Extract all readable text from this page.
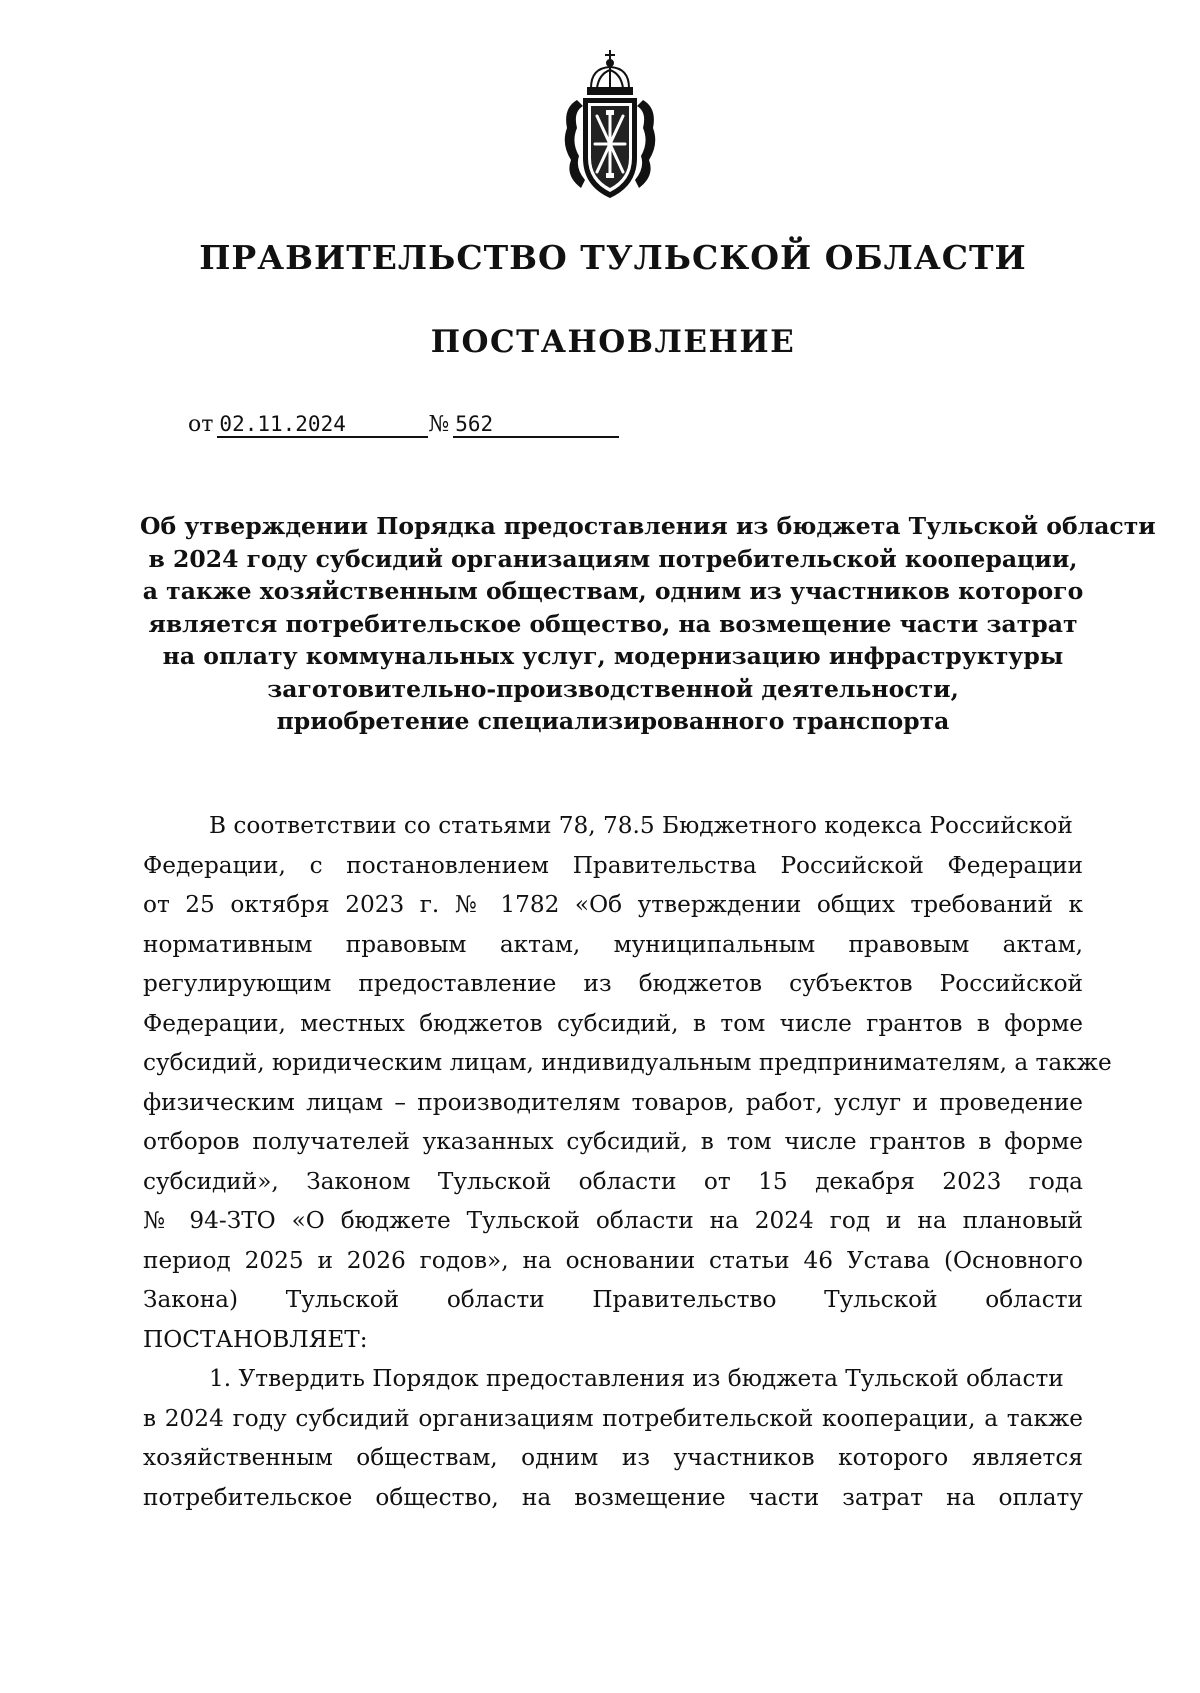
ПРАВИТЕЛЬСТВО ТУЛЬСКОЙ ОБЛАСТИ
ПОСТАНОВЛЕНИЕ
от 02.11.2024	№ 562
Об утверждении Порядка предоставления из бюджета Тульской области
в 2024 году субсидий организациям потребительской кооперации,
а также хозяйственным обществам, одним из участников которого
является потребительское общество, на возмещение части затрат
на оплату коммунальных услуг, модернизацию инфраструктуры
заготовительно-производственной деятельности,
приобретение специализированного транспорта
В соответствии со статьями 78, 78.5 Бюджетного кодекса Российской
Федерации, с постановлением Правительства Российской Федерации
от 25 октября 2023 г. № 1782 «Об утверждении общих требований к
нормативным правовым актам, муниципальным правовым актам,
регулирующим предоставление из бюджетов субъектов Российской
Федерации, местных бюджетов субсидий, в том числе грантов в форме
субсидий, юридическим лицам, индивидуальным предпринимателям, а также
физическим лицам – производителям товаров, работ, услуг и проведение
отборов получателей указанных субсидий, в том числе грантов в форме
субсидий», Законом Тульской области от 15 декабря 2023 года
№ 94-ЗТО «О бюджете Тульской области на 2024 год и на плановый
период 2025 и 2026 годов», на основании статьи 46 Устава (Основного
Закона) Тульской области Правительство Тульской области
ПОСТАНОВЛЯЕТ:
1. Утвердить Порядок предоставления из бюджета Тульской области
в 2024 году субсидий организациям потребительской кооперации, а также
хозяйственным обществам, одним из участников которого является
потребительское общество, на возмещение части затрат на оплату
